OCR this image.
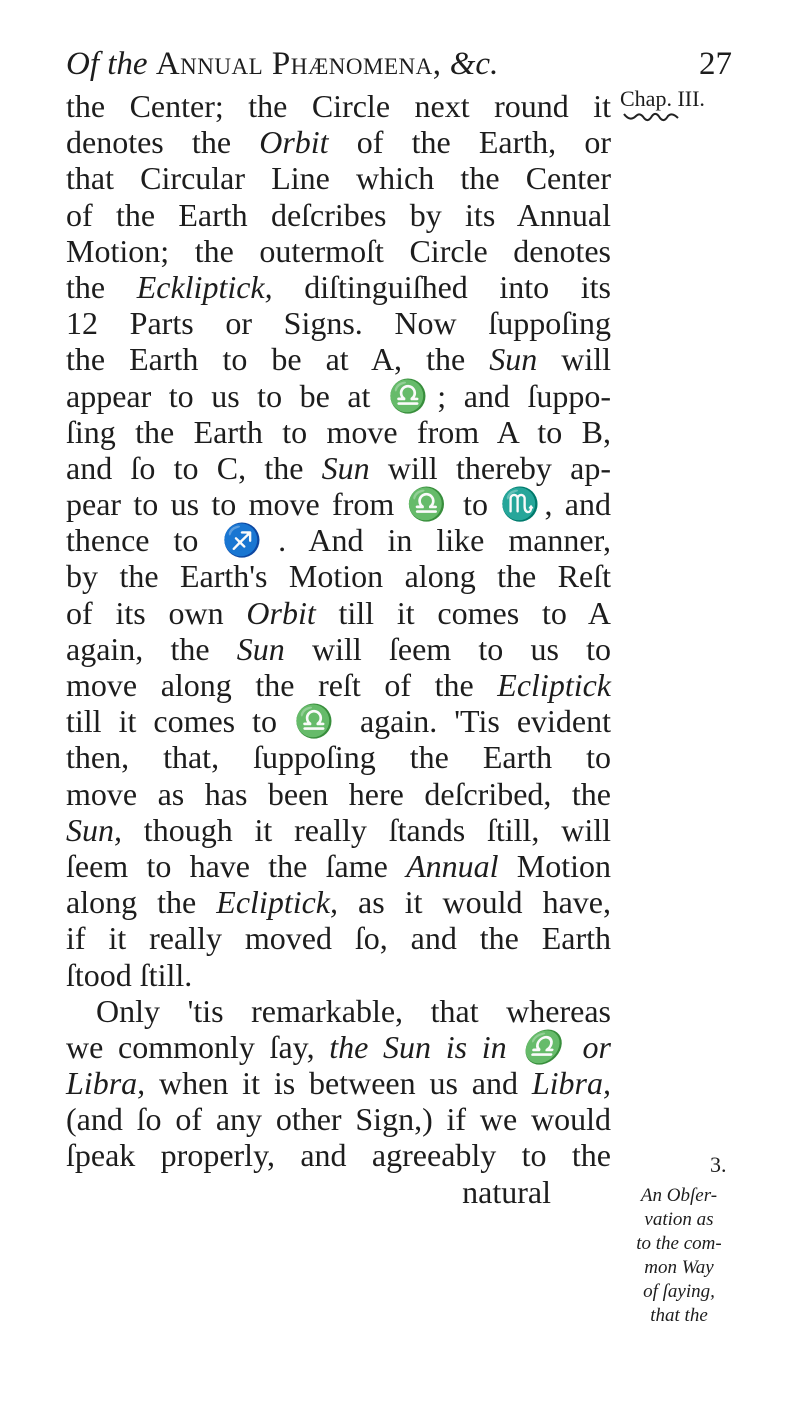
Of the Annual Phænomena, &c.	27
Chap. III.
the Center; the Circle next round it
denotes the Orbit of the Earth, or
that Circular Line which the Center
of the Earth deſcribes by its Annual
Motion; the outermoſt Circle denotes
the Eckliptick, diſtinguiſhed into its
12 Parts or Signs. Now ſuppoſing
the Earth to be at A, the Sun will
appear to us to be at ♎; and ſuppo-
ſing the Earth to move from A to B,
and ſo to C, the Sun will thereby ap-
pear to us to move from ♎ to ♏, and
thence to ♐. And in like manner,
by the Earth's Motion along the Reſt
of its own Orbit till it comes to A
again, the Sun will ſeem to us to
move along the reſt of the Ecliptick
till it comes to ♎ again. 'Tis evident
then, that, ſuppoſing the Earth to
move as has been here deſcribed, the
Sun, though it really ſtands ſtill, will
ſeem to have the ſame Annual Motion
along the Ecliptick, as it would have,
if it really moved ſo, and the Earth
ſtood ſtill.
Only 'tis remarkable, that whereas
we commonly ſay, the Sun is in ♎ or
Libra, when it is between us and Libra,
(and ſo of any other Sign,) if we would
ſpeak properly, and agreeably to the
natural
3.
An Obſer-
vation as
to the com-
mon Way
of ſaying,
that the
